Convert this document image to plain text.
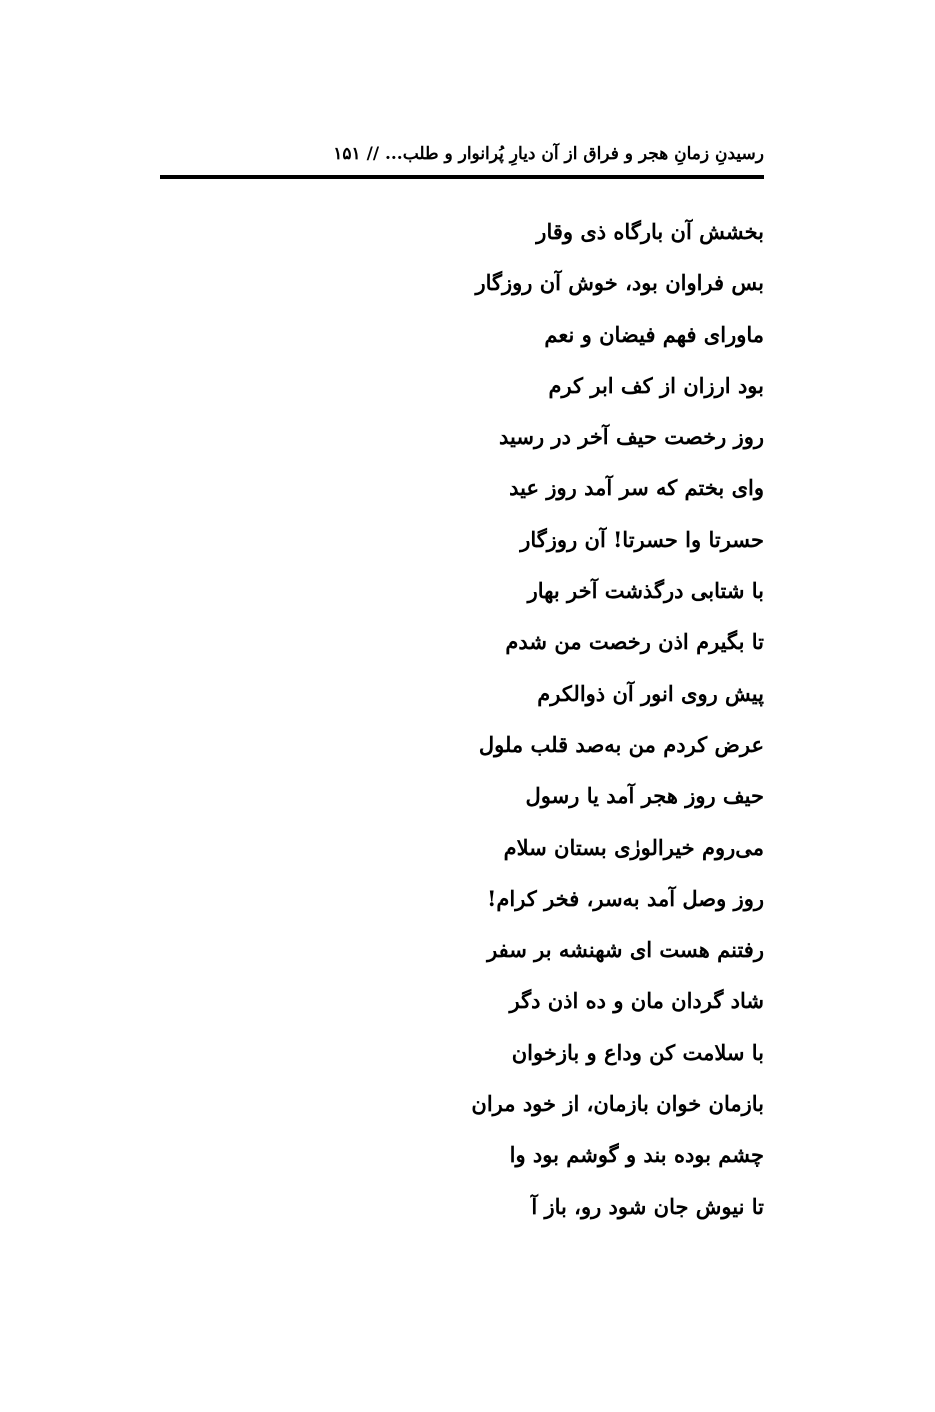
رسیدنِ زمانِ هجر و فراق از آن دیارِ پُرانوار و طلب... // ۱۵۱
بخشش آن بارگاه ذی وقار
بس فراوان بود، خوش آن روزگار
ماورای فهم فیضان و نعم
بود ارزان از کف ابر کرم
روز رخصت حیف آخر در رسید
وای بختم که سر آمد روز عید
حسرتا وا حسرتا! آن روزگار
با شتابی درگذشت آخر بهار
تا بگیرم اذن رخصت من شدم
پیش روی انور آن ذوالکرم
عرض کردم من به‌صد قلب ملول
حیف روز هجر آمد یا رسول
می‌روم خیرالورٰی بستان سلام
روز وصل آمد به‌سر، فخر کرام!
رفتنم هست ای شهنشه بر سفر
شاد گردان مان و ده اذن دگر
با سلامت کن وداع و بازخوان
بازمان خوان بازمان، از خود مران
چشم بوده بند و گوشم بود وا
تا نیوش جان شود رو، باز آ
